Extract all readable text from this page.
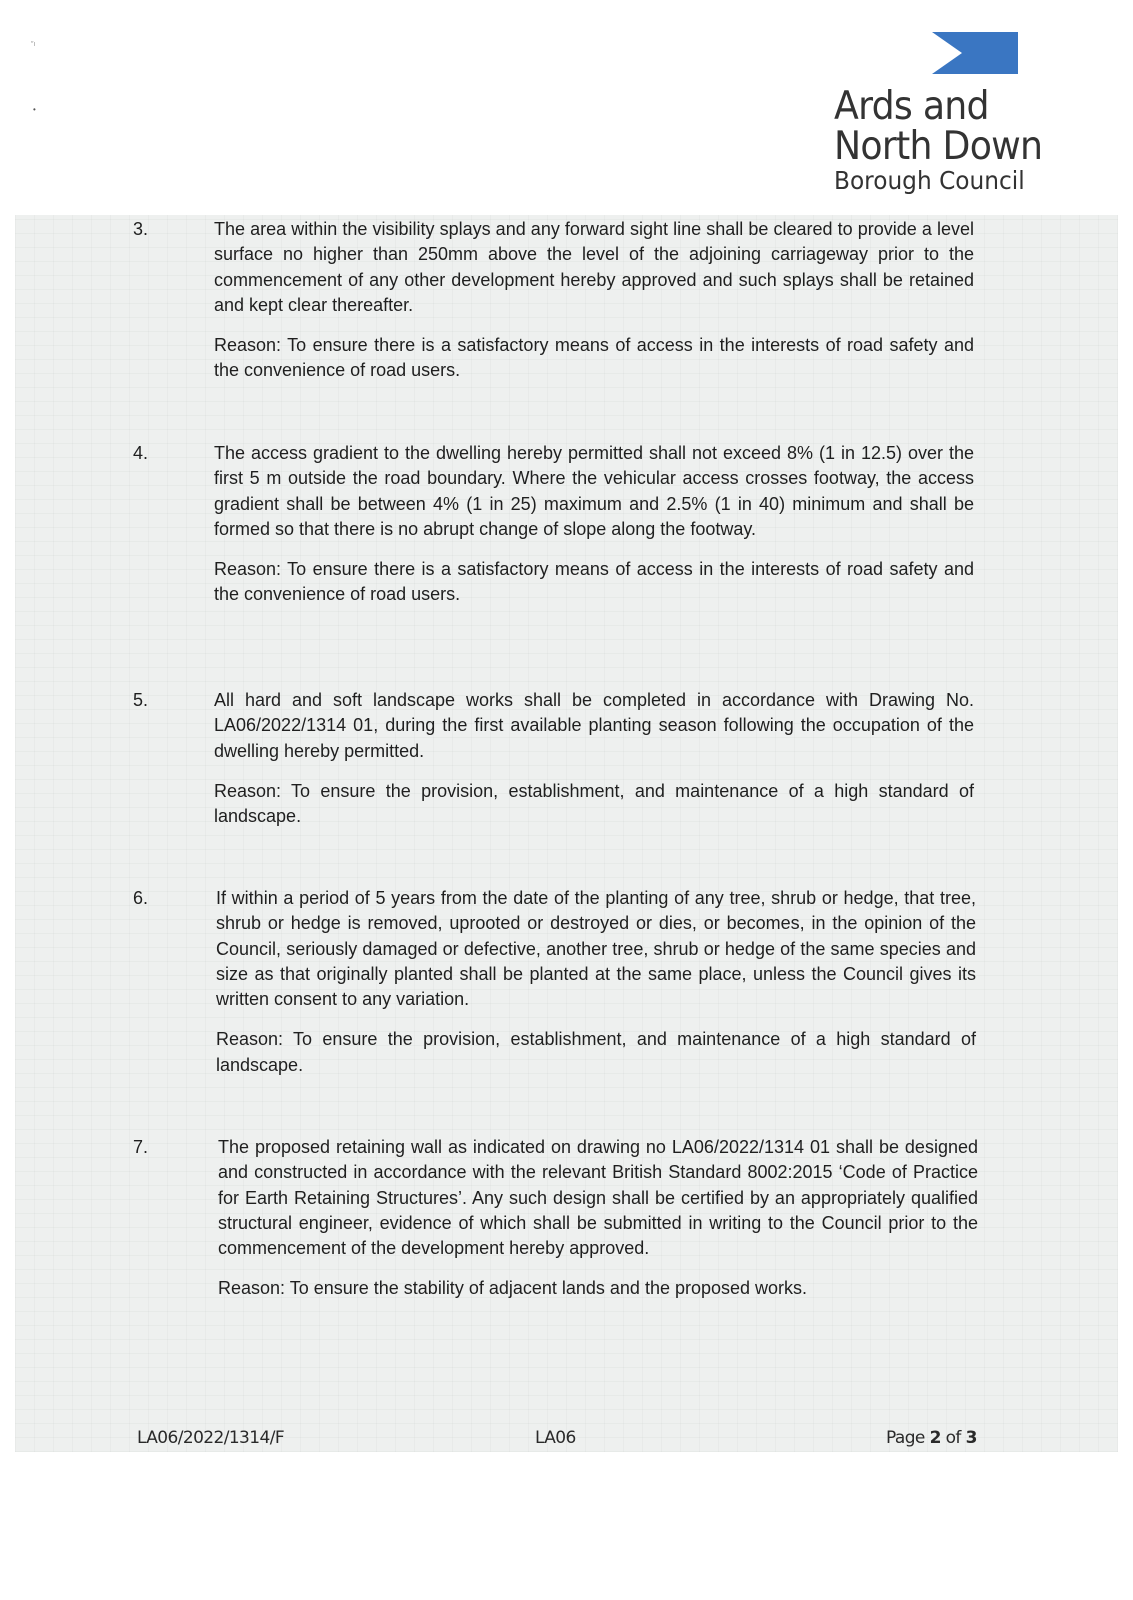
″ı
•	Ards and
North Down
Borough Council
3.	The area within the visibility splays and any forward sight line shall be cleared to provide a level surface no higher than 250mm above the level of the adjoining carriageway prior to the commencement of any other development hereby approved and such splays shall be retained and kept clear thereafter.

Reason: To ensure there is a satisfactory means of access in the interests of road safety and the convenience of road users.

4.	The access gradient to the dwelling hereby permitted shall not exceed 8% (1 in 12.5) over the first 5 m outside the road boundary. Where the vehicular access crosses footway, the access gradient shall be between 4% (1 in 25) maximum and 2.5% (1 in 40) minimum and shall be formed so that there is no abrupt change of slope along the footway.

Reason: To ensure there is a satisfactory means of access in the interests of road safety and the convenience of road users.

5.	All hard and soft landscape works shall be completed in accordance with Drawing No. LA06/2022/1314 01, during the first available planting season following the occupation of the dwelling hereby permitted.

Reason: To ensure the provision, establishment, and maintenance of a high standard of landscape.

6.	If within a period of 5 years from the date of the planting of any tree, shrub or hedge, that tree, shrub or hedge is removed, uprooted or destroyed or dies, or becomes, in the opinion of the Council, seriously damaged or defective, another tree, shrub or hedge of the same species and size as that originally planted shall be planted at the same place, unless the Council gives its written consent to any variation.

Reason: To ensure the provision, establishment, and maintenance of a high standard of landscape.

7.	The proposed retaining wall as indicated on drawing no LA06/2022/1314 01 shall be designed and constructed in accordance with the relevant British Standard 8002:2015 ‘Code of Practice for Earth Retaining Structures’. Any such design shall be certified by an appropriately qualified structural engineer, evidence of which shall be submitted in writing to the Council prior to the commencement of the development hereby approved.

Reason: To ensure the stability of adjacent lands and the proposed works.

LA06/2022/1314/F	LA06	Page 2 of 3
